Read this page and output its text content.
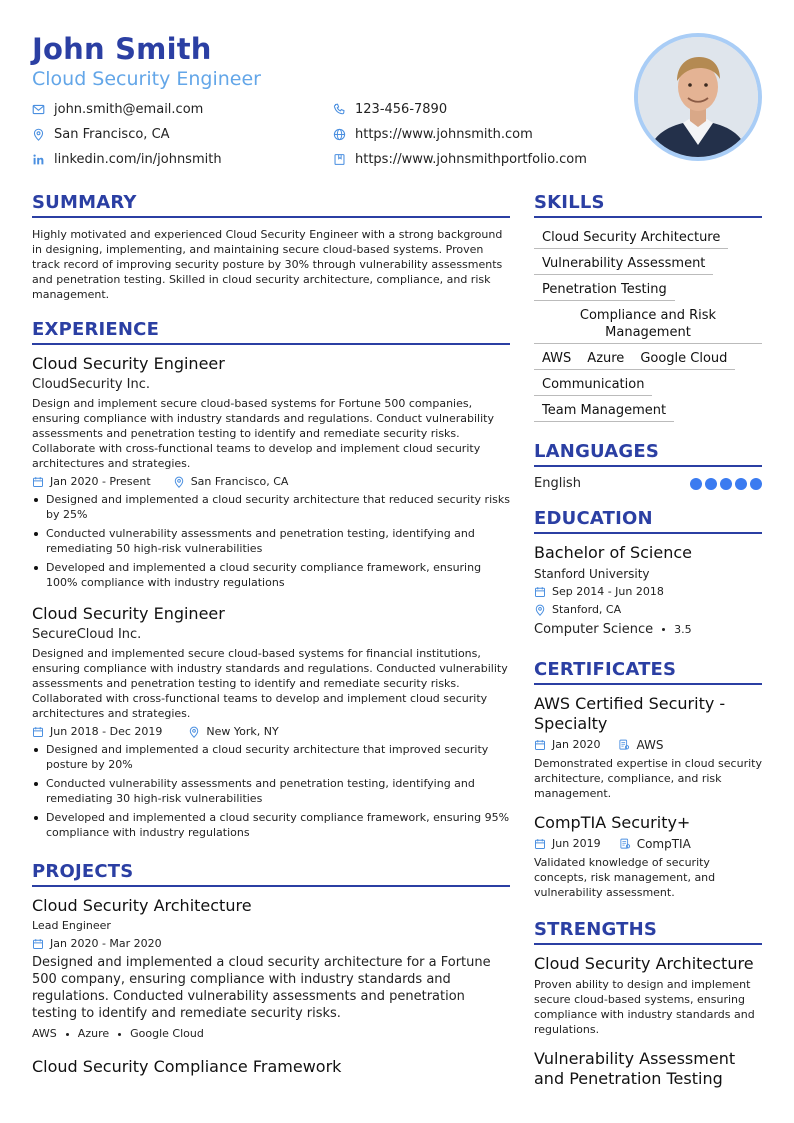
John Smith
Cloud Security Engineer
john.smith@email.com	123-456-7890
San Francisco, CA	https://www.johnsmith.com
linkedin.com/in/johnsmith	https://www.johnsmithportfolio.com
SUMMARY
Highly motivated and experienced Cloud Security Engineer with a strong background in designing, implementing, and maintaining secure cloud-based systems. Proven track record of improving security posture by 30% through vulnerability assessments and penetration testing. Skilled in cloud security architecture, compliance, and risk management.
EXPERIENCE
Cloud Security Engineer
CloudSecurity Inc.
Design and implement secure cloud-based systems for Fortune 500 companies, ensuring compliance with industry standards and regulations. Conduct vulnerability assessments and penetration testing to identify and remediate security risks. Collaborate with cross-functional teams to develop and implement cloud security architectures and strategies.
Jan 2020 - Present	San Francisco, CA
Designed and implemented a cloud security architecture that reduced security risks by 25%
Conducted vulnerability assessments and penetration testing, identifying and remediating 50 high-risk vulnerabilities
Developed and implemented a cloud security compliance framework, ensuring 100% compliance with industry regulations
Cloud Security Engineer
SecureCloud Inc.
Designed and implemented secure cloud-based systems for financial institutions, ensuring compliance with industry standards and regulations. Conducted vulnerability assessments and penetration testing to identify and remediate security risks. Collaborated with cross-functional teams to develop and implement cloud security architectures and strategies.
Jun 2018 - Dec 2019	New York, NY
Designed and implemented a cloud security architecture that improved security posture by 20%
Conducted vulnerability assessments and penetration testing, identifying and remediating 30 high-risk vulnerabilities
Developed and implemented a cloud security compliance framework, ensuring 95% compliance with industry regulations
PROJECTS
Cloud Security Architecture
Lead Engineer
Jan 2020 - Mar 2020
Designed and implemented a cloud security architecture for a Fortune 500 company, ensuring compliance with industry standards and regulations. Conducted vulnerability assessments and penetration testing to identify and remediate security risks.
AWS Azure Google Cloud
Cloud Security Compliance Framework
SKILLS
Cloud Security Architecture
Vulnerability Assessment
Penetration Testing
Compliance and Risk Management
AWS	Azure	Google Cloud
Communication
Team Management
LANGUAGES
English
EDUCATION
Bachelor of Science
Stanford University
Sep 2014 - Jun 2018
Stanford, CA
Computer Science 3.5
CERTIFICATES
AWS Certified Security - Specialty
Jan 2020	AWS
Demonstrated expertise in cloud security architecture, compliance, and risk management.
CompTIA Security+
Jun 2019	CompTIA
Validated knowledge of security concepts, risk management, and vulnerability assessment.
STRENGTHS
Cloud Security Architecture
Proven ability to design and implement secure cloud-based systems, ensuring compliance with industry standards and regulations.
Vulnerability Assessment and Penetration Testing
